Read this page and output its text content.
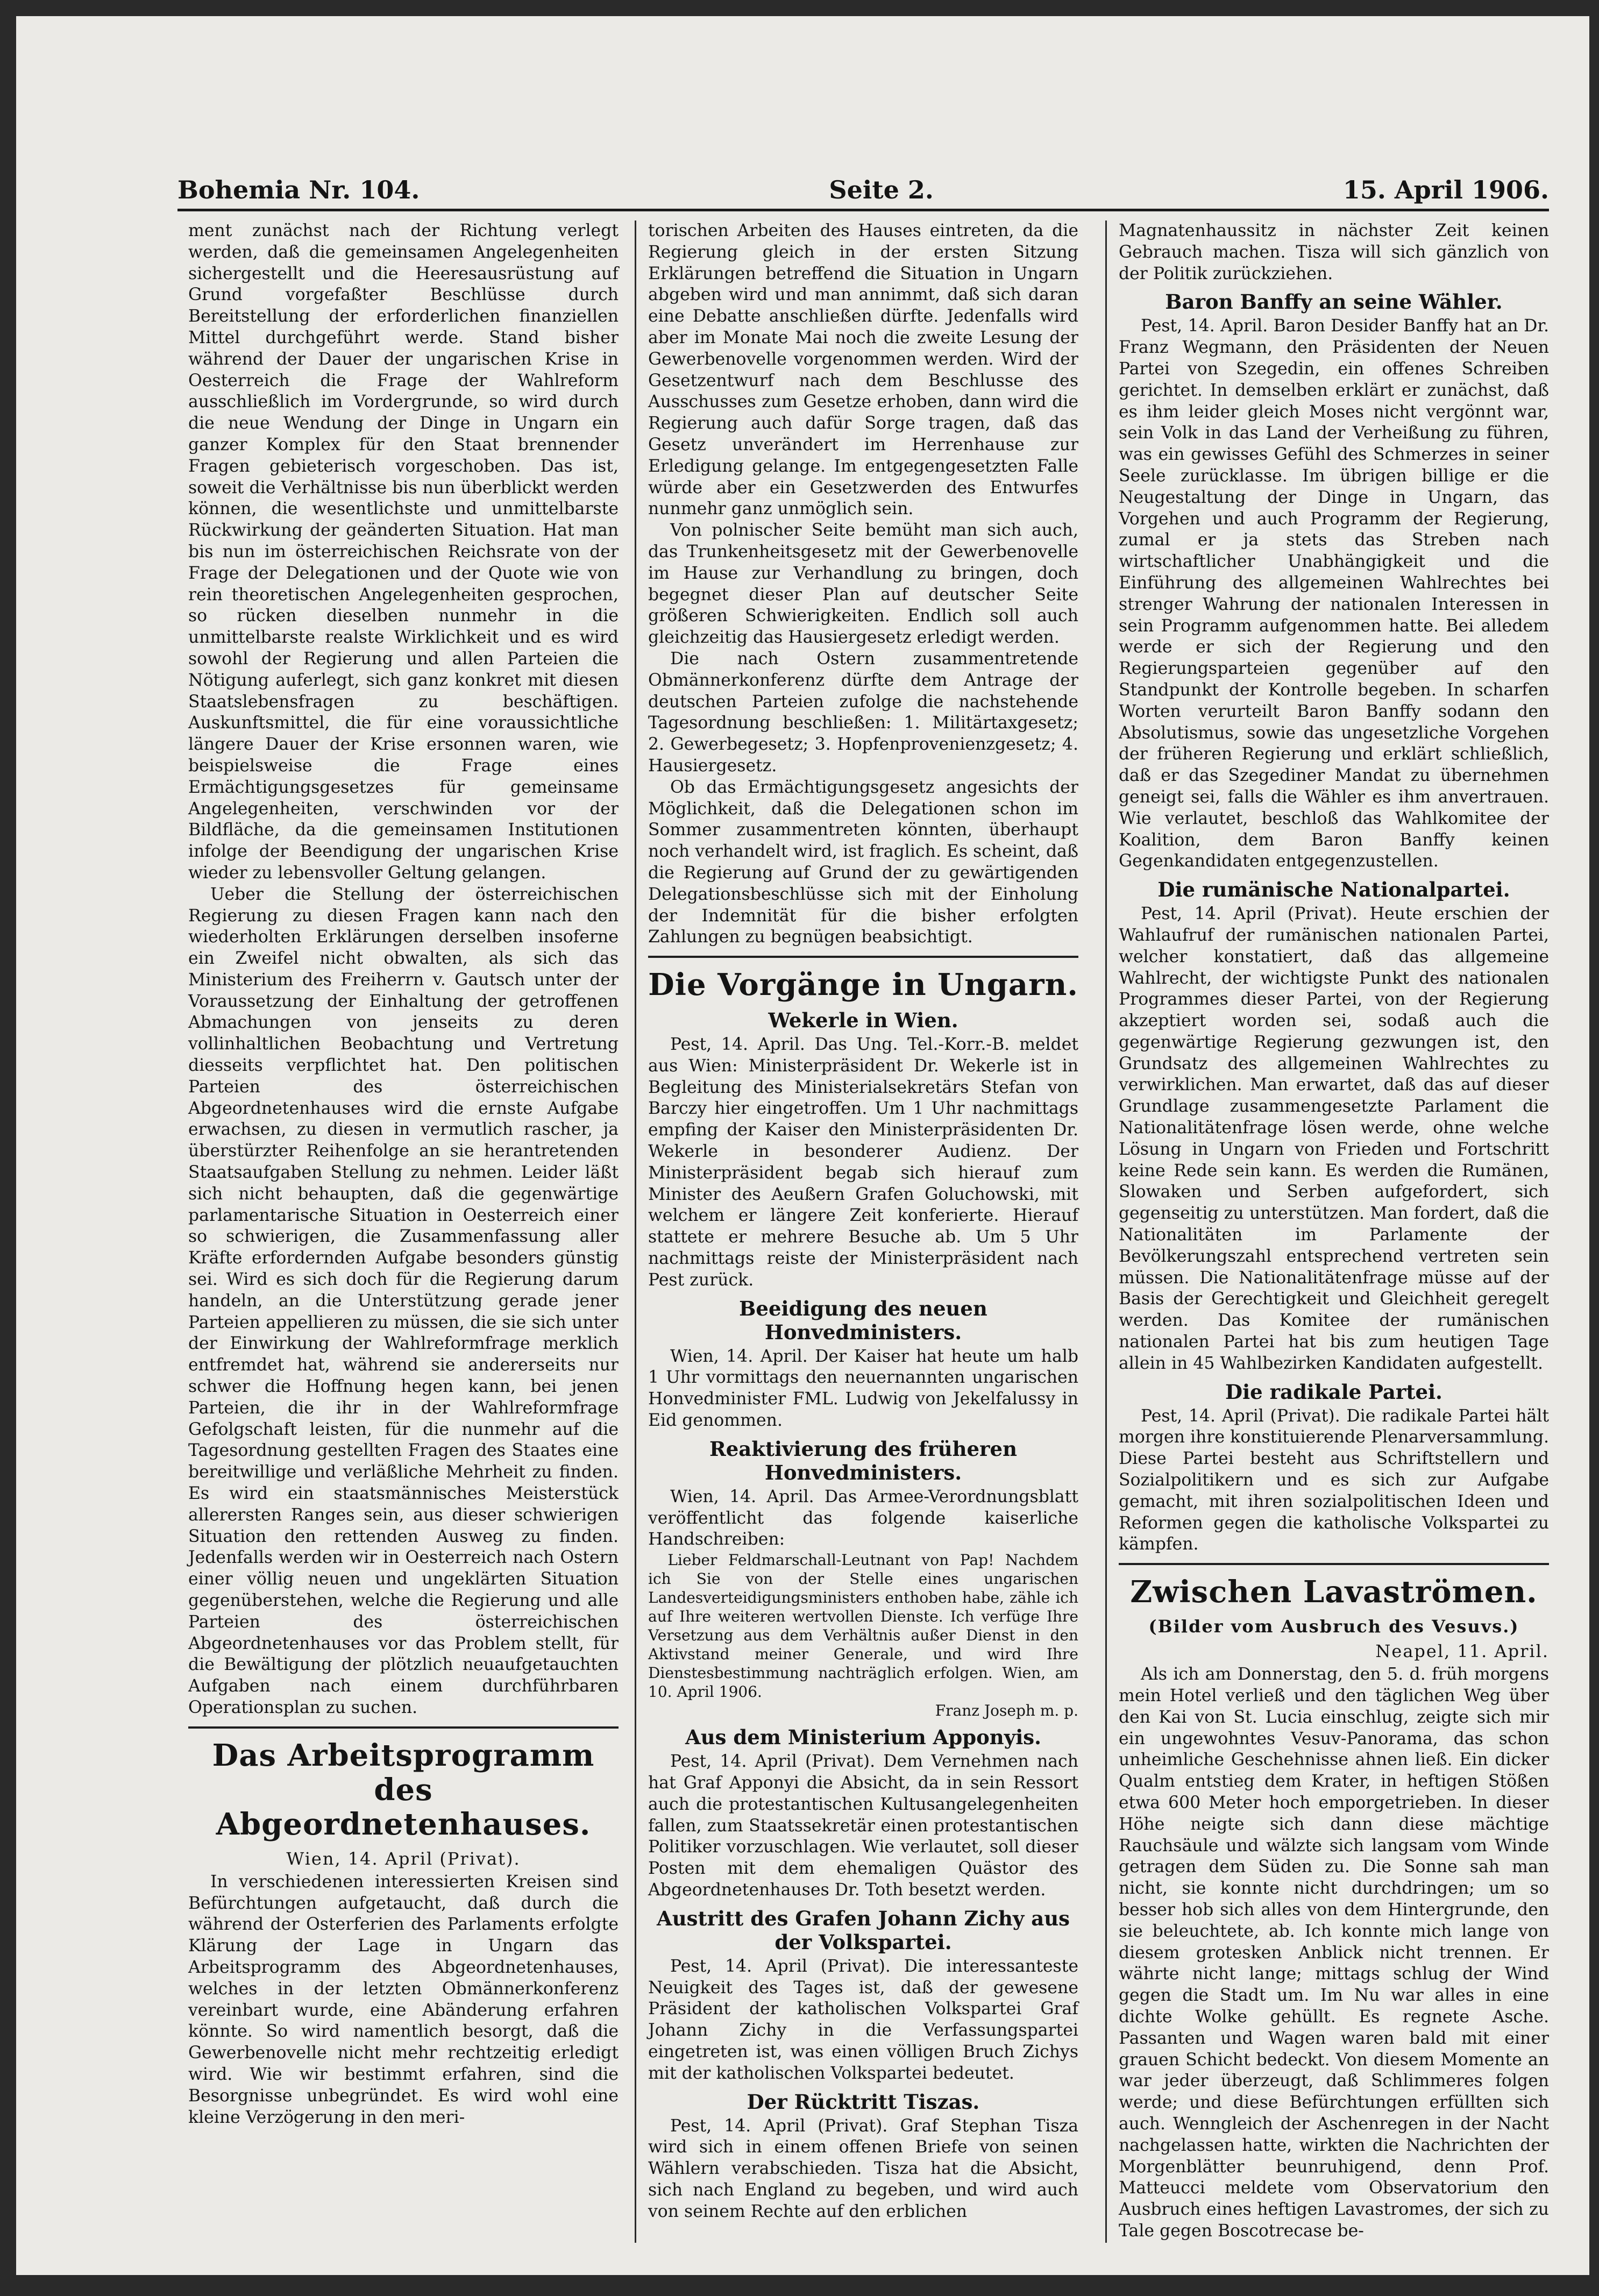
Bohemia Nr. 104.	Seite 2.	15. April 1906.

ment zunächst nach der Richtung verlegt werden, daß die gemeinsamen Angelegenheiten sichergestellt und die Heeresausrüstung auf Grund vorgefaßter Beschlüsse durch Bereitstellung der erforderlichen finanziellen Mittel durchgeführt werde. Stand bisher während der Dauer der ungarischen Krise in Oesterreich die Frage der Wahlreform ausschließlich im Vordergrunde, so wird durch die neue Wendung der Dinge in Ungarn ein ganzer Komplex für den Staat brennender Fragen gebieterisch vorgeschoben. Das ist, soweit die Verhältnisse bis nun überblickt werden können, die wesentlichste und unmittelbarste Rückwirkung der geänderten Situation. Hat man bis nun im österreichischen Reichsrate von der Frage der Delegationen und der Quote wie von rein theoretischen Angelegenheiten gesprochen, so rücken dieselben nunmehr in die unmittelbarste realste Wirklichkeit und es wird sowohl der Regierung und allen Parteien die Nötigung auferlegt, sich ganz konkret mit diesen Staatslebensfragen zu beschäftigen. Auskunftsmittel, die für eine voraussichtliche längere Dauer der Krise ersonnen waren, wie beispielsweise die Frage eines Ermächtigungsgesetzes für gemeinsame Angelegenheiten, verschwinden vor der Bildfläche, da die gemeinsamen Institutionen infolge der Beendigung der ungarischen Krise wieder zu lebensvoller Geltung gelangen.

Ueber die Stellung der österreichischen Regierung zu diesen Fragen kann nach den wiederholten Erklärungen derselben insoferne ein Zweifel nicht obwalten, als sich das Ministerium des Freiherrn v. Gautsch unter der Voraussetzung der Einhaltung der getroffenen Abmachungen von jenseits zu deren vollinhaltlichen Beobachtung und Vertretung diesseits verpflichtet hat. Den politischen Parteien des österreichischen Abgeordnetenhauses wird die ernste Aufgabe erwachsen, zu diesen in vermutlich rascher, ja überstürzter Reihenfolge an sie herantretenden Staatsaufgaben Stellung zu nehmen. Leider läßt sich nicht behaupten, daß die gegenwärtige parlamentarische Situation in Oesterreich einer so schwierigen, die Zusammenfassung aller Kräfte erfordernden Aufgabe besonders günstig sei. Wird es sich doch für die Regierung darum handeln, an die Unterstützung gerade jener Parteien appellieren zu müssen, die sie sich unter der Einwirkung der Wahlreformfrage merklich entfremdet hat, während sie andererseits nur schwer die Hoffnung hegen kann, bei jenen Parteien, die ihr in der Wahlreformfrage Gefolgschaft leisten, für die nunmehr auf die Tagesordnung gestellten Fragen des Staates eine bereitwillige und verläßliche Mehrheit zu finden. Es wird ein staatsmännisches Meisterstück allerersten Ranges sein, aus dieser schwierigen Situation den rettenden Ausweg zu finden. Jedenfalls werden wir in Oesterreich nach Ostern einer völlig neuen und ungeklärten Situation gegenüberstehen, welche die Regierung und alle Parteien des österreichischen Abgeordnetenhauses vor das Problem stellt, für die Bewältigung der plötzlich neuaufgetauchten Aufgaben nach einem durchführbaren Operationsplan zu suchen.

Das Arbeitsprogramm des Abgeordnetenhauses.
Wien, 14. April (Privat).

In verschiedenen interessierten Kreisen sind Befürchtungen aufgetaucht, daß durch die während der Osterferien des Parlaments erfolgte Klärung der Lage in Ungarn das Arbeitsprogramm des Abgeordnetenhauses, welches in der letzten Obmännerkonferenz vereinbart wurde, eine Abänderung erfahren könnte. So wird namentlich besorgt, daß die Gewerbenovelle nicht mehr rechtzeitig erledigt wird. Wie wir bestimmt erfahren, sind die Besorgnisse unbegründet. Es wird wohl eine kleine Verzögerung in den meri-

torischen Arbeiten des Hauses eintreten, da die Regierung gleich in der ersten Sitzung Erklärungen betreffend die Situation in Ungarn abgeben wird und man annimmt, daß sich daran eine Debatte anschließen dürfte. Jedenfalls wird aber im Monate Mai noch die zweite Lesung der Gewerbenovelle vorgenommen werden. Wird der Gesetzentwurf nach dem Beschlusse des Ausschusses zum Gesetze erhoben, dann wird die Regierung auch dafür Sorge tragen, daß das Gesetz unverändert im Herrenhause zur Erledigung gelange. Im entgegengesetzten Falle würde aber ein Gesetzwerden des Entwurfes nunmehr ganz unmöglich sein.

Von polnischer Seite bemüht man sich auch, das Trunkenheitsgesetz mit der Gewerbenovelle im Hause zur Verhandlung zu bringen, doch begegnet dieser Plan auf deutscher Seite größeren Schwierigkeiten. Endlich soll auch gleichzeitig das Hausiergesetz erledigt werden.

Die nach Ostern zusammentretende Obmännerkonferenz dürfte dem Antrage der deutschen Parteien zufolge die nachstehende Tagesordnung beschließen: 1. Militärtaxgesetz; 2. Gewerbegesetz; 3. Hopfenprovenienzgesetz; 4. Hausiergesetz.

Ob das Ermächtigungsgesetz angesichts der Möglichkeit, daß die Delegationen schon im Sommer zusammentreten könnten, überhaupt noch verhandelt wird, ist fraglich. Es scheint, daß die Regierung auf Grund der zu gewärtigenden Delegationsbeschlüsse sich mit der Einholung der Indemnität für die bisher erfolgten Zahlungen zu begnügen beabsichtigt.

Die Vorgänge in Ungarn.
Wekerle in Wien.

Pest, 14. April. Das Ung. Tel.-Korr.-B. meldet aus Wien: Ministerpräsident Dr. Wekerle ist in Begleitung des Ministerialsekretärs Stefan von Barczy hier eingetroffen. Um 1 Uhr nachmittags empfing der Kaiser den Ministerpräsidenten Dr. Wekerle in besonderer Audienz. Der Ministerpräsident begab sich hierauf zum Minister des Aeußern Grafen Goluchowski, mit welchem er längere Zeit konferierte. Hierauf stattete er mehrere Besuche ab. Um 5 Uhr nachmittags reiste der Ministerpräsident nach Pest zurück.

Beeidigung des neuen Honvedministers.

Wien, 14. April. Der Kaiser hat heute um halb 1 Uhr vormittags den neuernannten ungarischen Honvedminister FML. Ludwig von Jekelfalussy in Eid genommen.

Reaktivierung des früheren Honvedministers.

Wien, 14. April. Das Armee-Verordnungsblatt veröffentlicht das folgende kaiserliche Handschreiben:

Lieber Feldmarschall-Leutnant von Pap! Nachdem ich Sie von der Stelle eines ungarischen Landesverteidigungsministers enthoben habe, zähle ich auf Ihre weiteren wertvollen Dienste. Ich verfüge Ihre Versetzung aus dem Verhältnis außer Dienst in den Aktivstand meiner Generale, und wird Ihre Dienstesbestimmung nachträglich erfolgen. Wien, am 10. April 1906.

Franz Joseph m. p.
Aus dem Ministerium Apponyis.

Pest, 14. April (Privat). Dem Vernehmen nach hat Graf Apponyi die Absicht, da in sein Ressort auch die protestantischen Kultusangelegenheiten fallen, zum Staatssekretär einen protestantischen Politiker vorzuschlagen. Wie verlautet, soll dieser Posten mit dem ehemaligen Quästor des Abgeordnetenhauses Dr. Toth besetzt werden.

Austritt des Grafen Johann Zichy aus der Volkspartei.

Pest, 14. April (Privat). Die interessanteste Neuigkeit des Tages ist, daß der gewesene Präsident der katholischen Volkspartei Graf Johann Zichy in die Verfassungspartei eingetreten ist, was einen völligen Bruch Zichys mit der katholischen Volkspartei bedeutet.

Der Rücktritt Tiszas.

Pest, 14. April (Privat). Graf Stephan Tisza wird sich in einem offenen Briefe von seinen Wählern verabschieden. Tisza hat die Absicht, sich nach England zu begeben, und wird auch von seinem Rechte auf den erblichen

Magnatenhaussitz in nächster Zeit keinen Gebrauch machen. Tisza will sich gänzlich von der Politik zurückziehen.

Baron Banffy an seine Wähler.

Pest, 14. April. Baron Desider Banffy hat an Dr. Franz Wegmann, den Präsidenten der Neuen Partei von Szegedin, ein offenes Schreiben gerichtet. In demselben erklärt er zunächst, daß es ihm leider gleich Moses nicht vergönnt war, sein Volk in das Land der Verheißung zu führen, was ein gewisses Gefühl des Schmerzes in seiner Seele zurücklasse. Im übrigen billige er die Neugestaltung der Dinge in Ungarn, das Vorgehen und auch Programm der Regierung, zumal er ja stets das Streben nach wirtschaftlicher Unabhängigkeit und die Einführung des allgemeinen Wahlrechtes bei strenger Wahrung der nationalen Interessen in sein Programm aufgenommen hatte. Bei alledem werde er sich der Regierung und den Regierungsparteien gegenüber auf den Standpunkt der Kontrolle begeben. In scharfen Worten verurteilt Baron Banffy sodann den Absolutismus, sowie das ungesetzliche Vorgehen der früheren Regierung und erklärt schließlich, daß er das Szegediner Mandat zu übernehmen geneigt sei, falls die Wähler es ihm anvertrauen. Wie verlautet, beschloß das Wahlkomitee der Koalition, dem Baron Banffy keinen Gegenkandidaten entgegenzustellen.

Die rumänische Nationalpartei.

Pest, 14. April (Privat). Heute erschien der Wahlaufruf der rumänischen nationalen Partei, welcher konstatiert, daß das allgemeine Wahlrecht, der wichtigste Punkt des nationalen Programmes dieser Partei, von der Regierung akzeptiert worden sei, sodaß auch die gegenwärtige Regierung gezwungen ist, den Grundsatz des allgemeinen Wahlrechtes zu verwirklichen. Man erwartet, daß das auf dieser Grundlage zusammengesetzte Parlament die Nationalitätenfrage lösen werde, ohne welche Lösung in Ungarn von Frieden und Fortschritt keine Rede sein kann. Es werden die Rumänen, Slowaken und Serben aufgefordert, sich gegenseitig zu unterstützen. Man fordert, daß die Nationalitäten im Parlamente der Bevölkerungszahl entsprechend vertreten sein müssen. Die Nationalitätenfrage müsse auf der Basis der Gerechtigkeit und Gleichheit geregelt werden. Das Komitee der rumänischen nationalen Partei hat bis zum heutigen Tage allein in 45 Wahlbezirken Kandidaten aufgestellt.

Die radikale Partei.

Pest, 14. April (Privat). Die radikale Partei hält morgen ihre konstituierende Plenarversammlung. Diese Partei besteht aus Schriftstellern und Sozialpolitikern und es sich zur Aufgabe gemacht, mit ihren sozialpolitischen Ideen und Reformen gegen die katholische Volkspartei zu kämpfen.

Zwischen Lavaströmen.
(Bilder vom Ausbruch des Vesuvs.)
Neapel, 11. April.

Als ich am Donnerstag, den 5. d. früh morgens mein Hotel verließ und den täglichen Weg über den Kai von St. Lucia einschlug, zeigte sich mir ein ungewohntes Vesuv-Panorama, das schon unheimliche Geschehnisse ahnen ließ. Ein dicker Qualm entstieg dem Krater, in heftigen Stößen etwa 600 Meter hoch emporgetrieben. In dieser Höhe neigte sich dann diese mächtige Rauchsäule und wälzte sich langsam vom Winde getragen dem Süden zu. Die Sonne sah man nicht, sie konnte nicht durchdringen; um so besser hob sich alles von dem Hintergrunde, den sie beleuchtete, ab. Ich konnte mich lange von diesem grotesken Anblick nicht trennen. Er währte nicht lange; mittags schlug der Wind gegen die Stadt um. Im Nu war alles in eine dichte Wolke gehüllt. Es regnete Asche. Passanten und Wagen waren bald mit einer grauen Schicht bedeckt. Von diesem Momente an war jeder überzeugt, daß Schlimmeres folgen werde; und diese Befürchtungen erfüllten sich auch. Wenngleich der Aschenregen in der Nacht nachgelassen hatte, wirkten die Nachrichten der Morgenblätter beunruhigend, denn Prof. Matteucci meldete vom Observatorium den Ausbruch eines heftigen Lavastromes, der sich zu Tale gegen Boscotrecase be-
